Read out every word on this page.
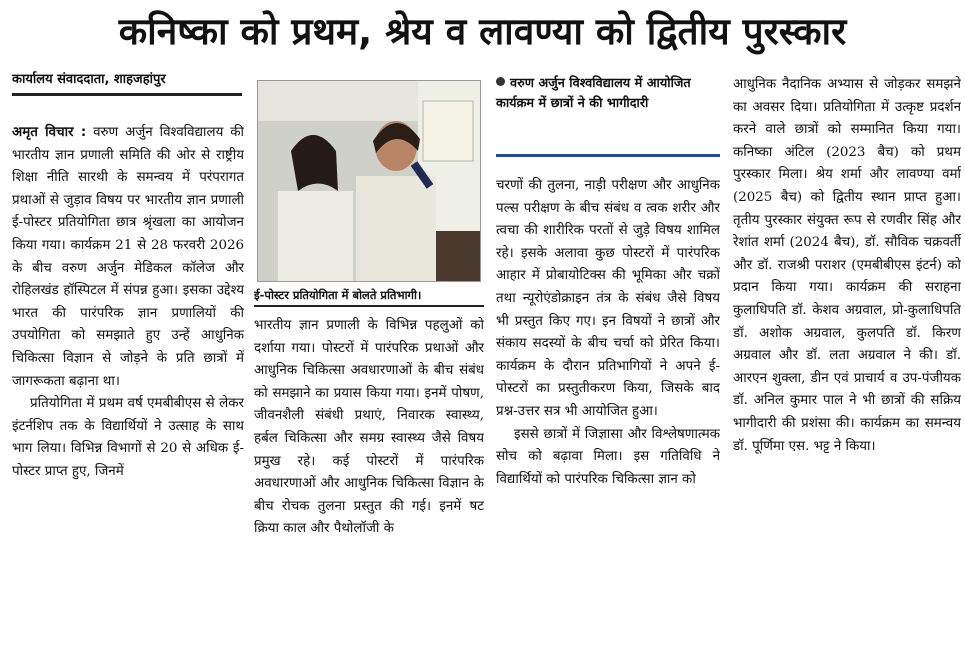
कनिष्का को प्रथम, श्रेय व लावण्या को द्वितीय पुरस्कार
कार्यालय संवाददाता, शाहजहांपुर

अमृत विचार : वरुण अर्जुन विश्वविद्यालय की भारतीय ज्ञान प्रणाली समिति की ओर से राष्ट्रीय शिक्षा नीति सारथी के समन्वय में परंपरागत प्रथाओं से जुड़ाव विषय पर भारतीय ज्ञान प्रणाली ई-पोस्टर प्रतियोगिता छात्र श्रृंखला का आयोजन किया गया। कार्यक्रम 21 से 28 फरवरी 2026 के बीच वरुण अर्जुन मेडिकल कॉलेज और रोहिलखंड हॉस्पिटल में संपन्न हुआ। इसका उद्देश्य भारत की पारंपरिक ज्ञान प्रणालियों की उपयोगिता को समझाते हुए उन्हें आधुनिक चिकित्सा विज्ञान से जोड़ने के प्रति छात्रों में जागरूकता बढ़ाना था।

प्रतियोगिता में प्रथम वर्ष एमबीबीएस से लेकर इंटर्नशिप तक के विद्यार्थियों ने उत्साह के साथ भाग लिया। विभिन्न विभागों से 20 से अधिक ई-पोस्टर प्राप्त हुए, जिनमें

ई-पोस्टर प्रतियोगिता में बोलते प्रतिभागी।

भारतीय ज्ञान प्रणाली के विभिन्न पहलुओं को दर्शाया गया। पोस्टरों में पारंपरिक प्रथाओं और आधुनिक चिकित्सा अवधारणाओं के बीच संबंध को समझाने का प्रयास किया गया। इनमें पोषण, जीवनशैली संबंधी प्रथाएं, निवारक स्वास्थ्य, हर्बल चिकित्सा और समग्र स्वास्थ्य जैसे विषय प्रमुख रहे। कई पोस्टरों में पारंपरिक अवधारणाओं और आधुनिक चिकित्सा विज्ञान के बीच रोचक तुलना प्रस्तुत की गई। इनमें षट क्रिया काल और पैथोलॉजी के

वरुण अर्जुन विश्वविद्यालय में आयोजित कार्यक्रम में छात्रों ने की भागीदारी

चरणों की तुलना, नाड़ी परीक्षण और आधुनिक पल्स परीक्षण के बीच संबंध व त्वक शरीर और त्वचा की शारीरिक परतों से जुड़े विषय शामिल रहे। इसके अलावा कुछ पोस्टरों में पारंपरिक आहार में प्रोबायोटिक्स की भूमिका और चक्रों तथा न्यूरोएंडोक्राइन तंत्र के संबंध जैसे विषय भी प्रस्तुत किए गए। इन विषयों ने छात्रों और संकाय सदस्यों के बीच चर्चा को प्रेरित किया। कार्यक्रम के दौरान प्रतिभागियों ने अपने ई-पोस्टरों का प्रस्तुतीकरण किया, जिसके बाद प्रश्न-उत्तर सत्र भी आयोजित हुआ।

इससे छात्रों में जिज्ञासा और विश्लेषणात्मक सोच को बढ़ावा मिला। इस गतिविधि ने विद्यार्थियों को पारंपरिक चिकित्सा ज्ञान को

आधुनिक नैदानिक अभ्यास से जोड़कर समझने का अवसर दिया। प्रतियोगिता में उत्कृष्ट प्रदर्शन करने वाले छात्रों को सम्मानित किया गया। कनिष्का अंटिल (2023 बैच) को प्रथम पुरस्कार मिला। श्रेय शर्मा और लावण्या वर्मा (2025 बैच) को द्वितीय स्थान प्राप्त हुआ। तृतीय पुरस्कार संयुक्त रूप से रणवीर सिंह और रेशांत शर्मा (2024 बैच), डॉ. सौविक चक्रवर्ती और डॉ. राजश्री पराशर (एमबीबीएस इंटर्न) को प्रदान किया गया। कार्यक्रम की सराहना कुलाधिपति डॉ. केशव अग्रवाल, प्रो-कुलाधिपति डॉ. अशोक अग्रवाल, कुलपति डॉ. किरण अग्रवाल और डॉ. लता अग्रवाल ने की। डॉ. आरएन शुक्ला, डीन एवं प्राचार्य व उप-पंजीयक डॉ. अनिल कुमार पाल ने भी छात्रों की सक्रिय भागीदारी की प्रशंसा की। कार्यक्रम का समन्वय डॉ. पूर्णिमा एस. भट्ट ने किया।
